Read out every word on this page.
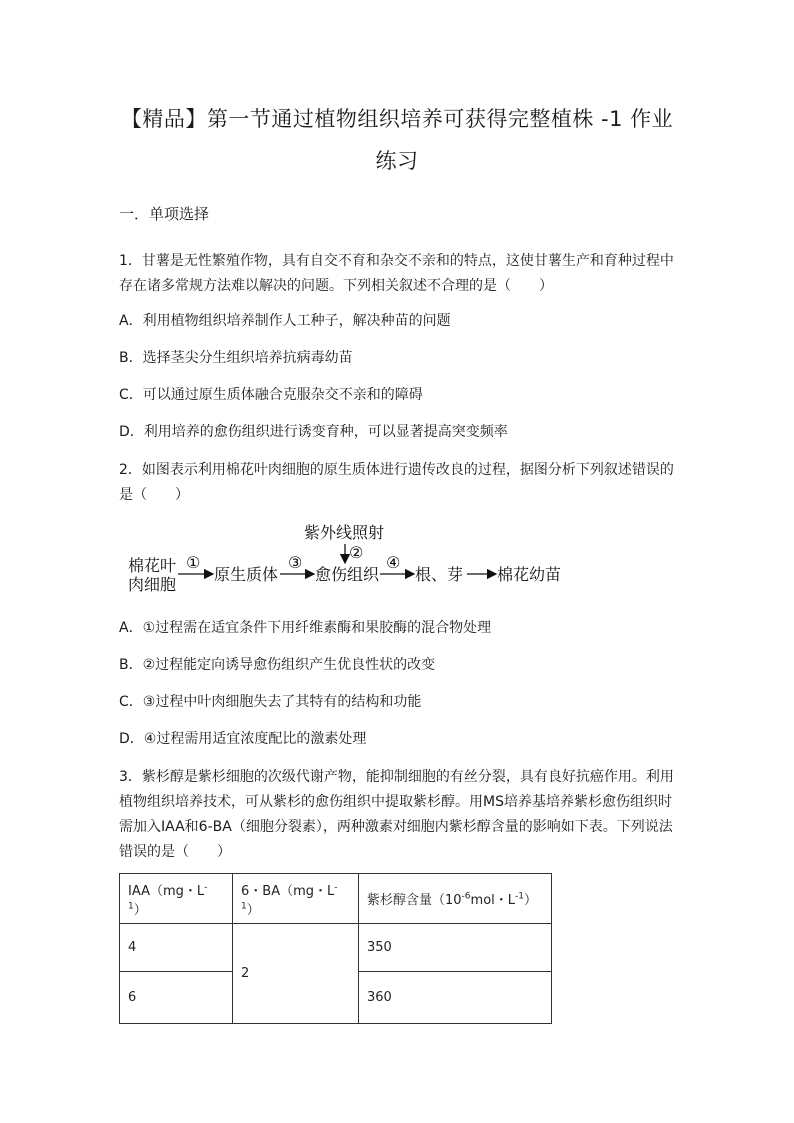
【精品】第一节通过植物组织培养可获得完整植株 -1 作业
练习
一．单项选择
1．甘薯是无性繁殖作物，具有自交不育和杂交不亲和的特点，这使甘薯生产和育种过程中存在诸多常规方法难以解决的问题。下列相关叙述不合理的是（　　）
A．利用植物组织培养制作人工种子，解决种苗的问题
B．选择茎尖分生组织培养抗病毒幼苗
C．可以通过原生质体融合克服杂交不亲和的障碍
D．利用培养的愈伤组织进行诱变育种，可以显著提高突变频率
2．如图表示利用棉花叶肉细胞的原生质体进行遗传改良的过程，据图分析下列叙述错误的是（　　）
紫外线照射
②
棉花叶
肉细胞
①
原生质体
③
愈伤组织
④
根、芽 棉花幼苗
A．①过程需在适宜条件下用纤维素酶和果胶酶的混合物处理
B．②过程能定向诱导愈伤组织产生优良性状的改变
C．③过程中叶肉细胞失去了其特有的结构和功能
D．④过程需用适宜浓度配比的激素处理
3．紫杉醇是紫杉细胞的次级代谢产物，能抑制细胞的有丝分裂，具有良好抗癌作用。利用植物组织培养技术，可从紫杉的愈伤组织中提取紫杉醇。用MS培养基培养紫杉愈伤组织时需加入IAA和6-BA（细胞分裂素），两种激素对细胞内紫杉醇含量的影响如下表。下列说法错误的是（　　）
IAA（mg・$L^{-1}$）	6・BA（mg・$L^{-1}$）	紫杉醇含量（$10^{-6}mol$・$L^{-1}$）
4	2	350
6		360
